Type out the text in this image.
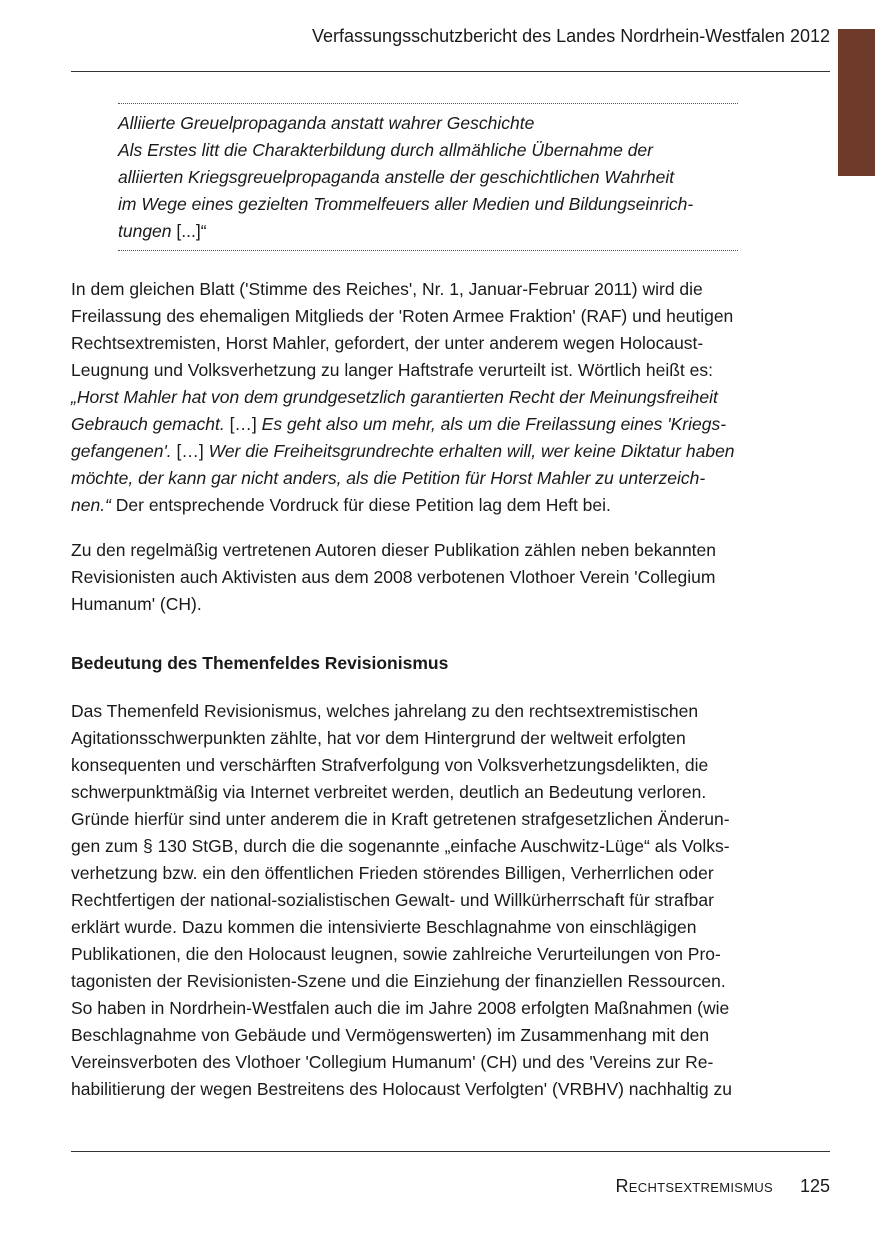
Verfassungsschutzbericht des Landes Nordrhein-Westfalen 2012
Alliierte Greuelpropaganda anstatt wahrer Geschichte
Als Erstes litt die Charakterbildung durch allmähliche Übernahme der
alliierten Kriegsgreuelpropaganda anstelle der geschichtlichen Wahrheit
im Wege eines gezielten Trommelfeuers aller Medien und Bildungseinrich-
tungen [...]“
In dem gleichen Blatt ('Stimme des Reiches', Nr. 1, Januar-Februar 2011) wird die
Freilassung des ehemaligen Mitglieds der 'Roten Armee Fraktion' (RAF) und heutigen
Rechtsextremisten, Horst Mahler, gefordert, der unter anderem wegen Holocaust-
Leugnung und Volksverhetzung zu langer Haftstrafe verurteilt ist. Wörtlich heißt es:
„Horst Mahler hat von dem grundgesetzlich garantierten Recht der Meinungsfreiheit
Gebrauch gemacht. […] Es geht also um mehr, als um die Freilassung eines 'Kriegs-
gefangenen'. […] Wer die Freiheitsgrundrechte erhalten will, wer keine Diktatur haben
möchte, der kann gar nicht anders, als die Petition für Horst Mahler zu unterzeich-
nen.“ Der entsprechende Vordruck für diese Petition lag dem Heft bei.
Zu den regelmäßig vertretenen Autoren dieser Publikation zählen neben bekannten
Revisionisten auch Aktivisten aus dem 2008 verbotenen Vlothoer Verein 'Collegium
Humanum' (CH).
Bedeutung des Themenfeldes Revisionismus
Das Themenfeld Revisionismus, welches jahrelang zu den rechtsextremistischen
Agitationsschwerpunkten zählte, hat vor dem Hintergrund der weltweit erfolgten
konsequenten und verschärften Strafverfolgung von Volksverhetzungsdelikten, die
schwerpunktmäßig via Internet verbreitet werden, deutlich an Bedeutung verloren.
Gründe hierfür sind unter anderem die in Kraft getretenen strafgesetzlichen Änderun-
gen zum § 130 StGB, durch die die sogenannte „einfache Auschwitz-Lüge“ als Volks-
verhetzung bzw. ein den öffentlichen Frieden störendes Billigen, Verherrlichen oder
Rechtfertigen der national-sozialistischen Gewalt- und Willkürherrschaft für strafbar
erklärt wurde. Dazu kommen die intensivierte Beschlagnahme von einschlägigen
Publikationen, die den Holocaust leugnen, sowie zahlreiche Verurteilungen von Pro-
tagonisten der Revisionisten-Szene und die Einziehung der finanziellen Ressourcen.
So haben in Nordrhein-Westfalen auch die im Jahre 2008 erfolgten Maßnahmen (wie
Beschlagnahme von Gebäude und Vermögenswerten) im Zusammenhang mit den
Vereinsverboten des Vlothoer 'Collegium Humanum' (CH) und des 'Vereins zur Re-
habilitierung der wegen Bestreitens des Holocaust Verfolgten' (VRBHV) nachhaltig zu
Rechtsextremismus 125
